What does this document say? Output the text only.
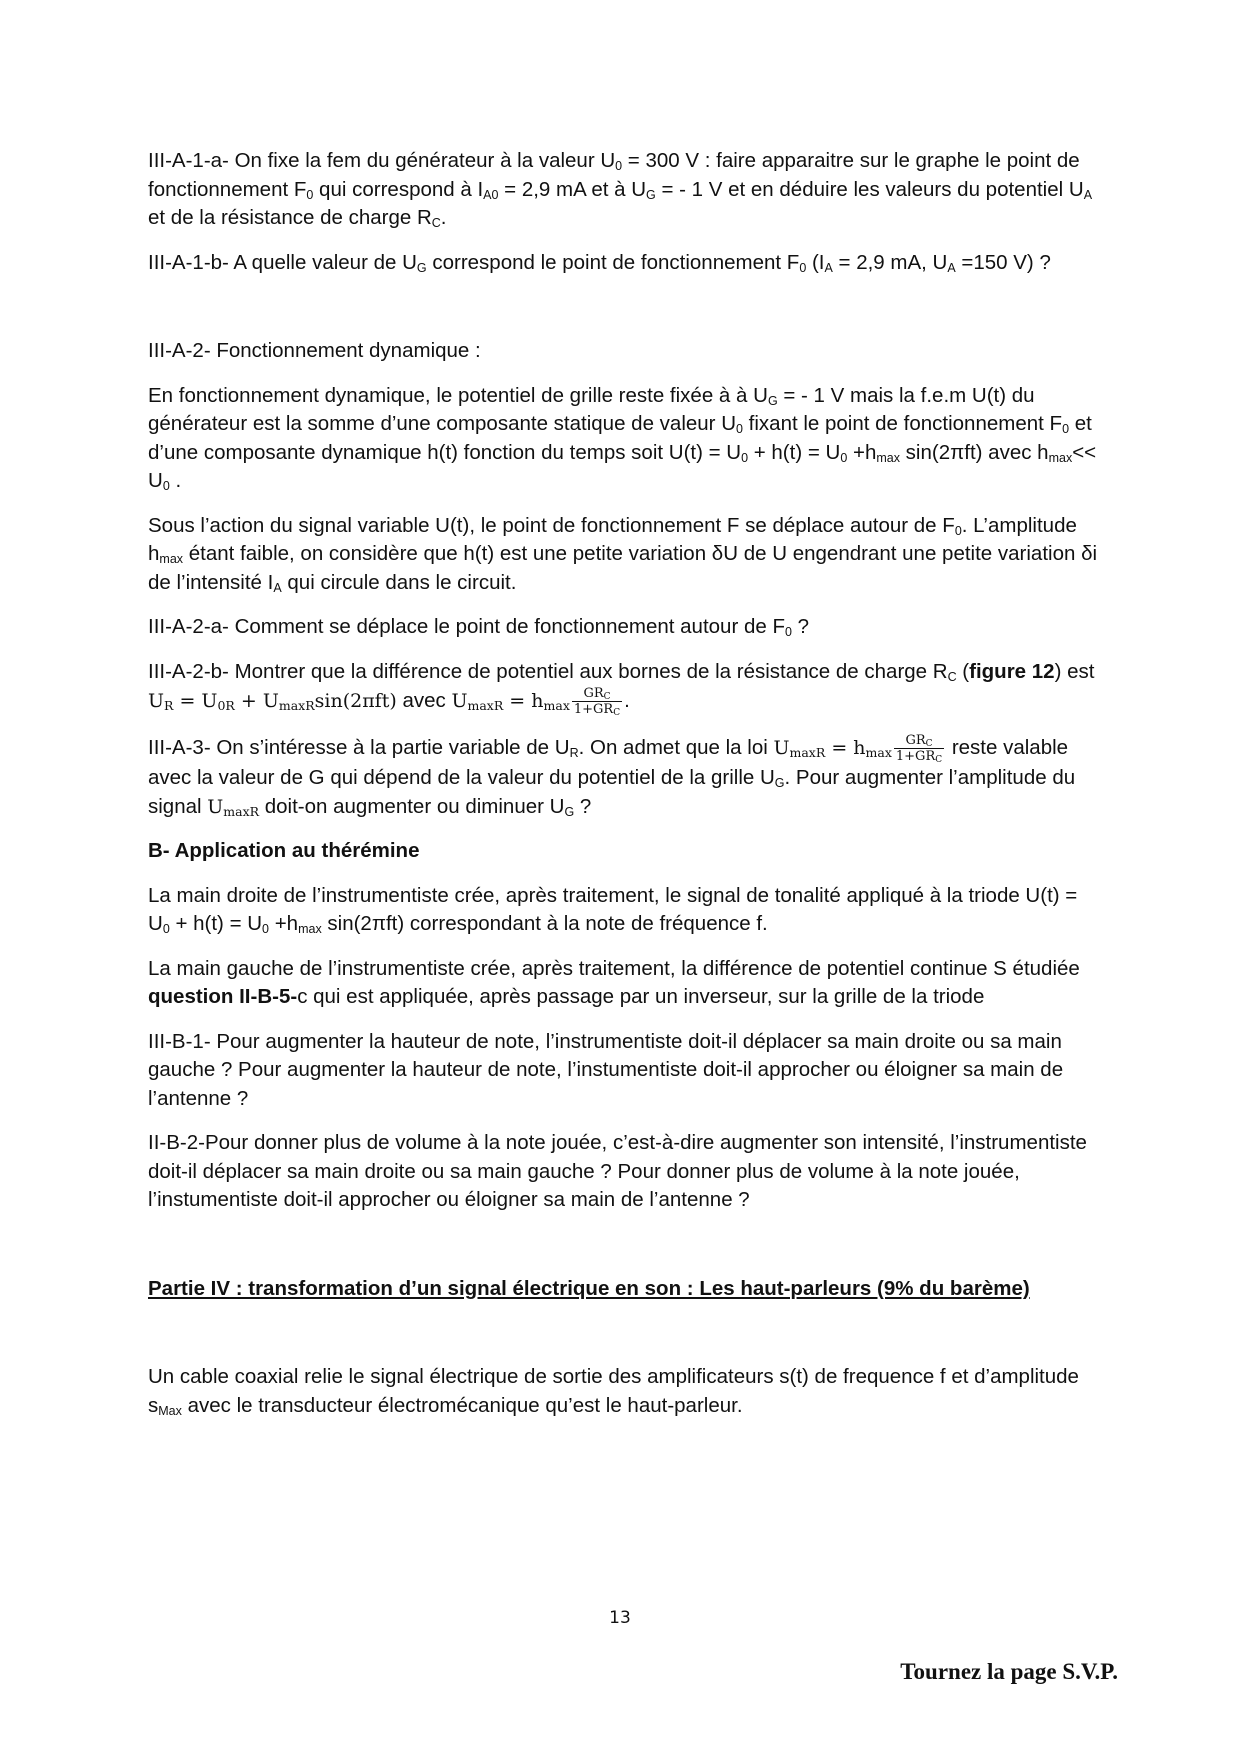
III-A-1-a- On fixe la fem du générateur à la valeur $U_0 = 300$ V : faire apparaitre sur le graphe le point de fonctionnement $F_0$ qui correspond à $I_{A0} = 2,9$ mA et à $U_G$ = - 1 V et en déduire les valeurs du potentiel $U_A$ et de la résistance de charge $R_C$.

III-A-1-b- A quelle valeur de $U_G$ correspond le point de fonctionnement $F_0$ ($I_A = 2,9$ mA, $U_A =150$ V) ?

III-A-2- Fonctionnement dynamique :

En fonctionnement dynamique, le potentiel de grille reste fixée à à $U_G$ = - 1 V mais la f.e.m U(t) du générateur est la somme d’une composante statique de valeur $U_0$ fixant le point de fonctionnement $F_0$ et d’une composante dynamique h(t) fonction du temps soit $U(t) = U_0 + h(t) = U_0 +h_{max}$ sin(2πft) avec $h_{max}<< U_0$ .

Sous l’action du signal variable U(t), le point de fonctionnement F se déplace autour de $F_0$. L’amplitude $h_{max}$ étant faible, on considère que h(t) est une petite variation δU de U engendrant une petite variation δi de l’intensité $I_A$ qui circule dans le circuit.

III-A-2-a- Comment se déplace le point de fonctionnement autour de $F_0$ ?

III-A-2-b- Montrer que la différence de potentiel aux bornes de la résistance de charge $R_C$ (figure 12) est $U_R = U_{0R} + U_{maxR}\sin(2\pi ft)$ avec $U_{maxR} = h_{max} \frac{GR_C}{1+GR_C}$ .

III-A-3- On s’intéresse à la partie variable de $U_R$. On admet que la loi $U_{maxR} = h_{max} \frac{GR_C}{1+GR_C}$ reste valable avec la valeur de G qui dépend de la valeur du potentiel de la grille $U_G$. Pour augmenter l’amplitude du signal $U_{maxR}$ doit-on augmenter ou diminuer $U_G$ ?

B- Application au thérémine

La main droite de l’instrumentiste crée, après traitement, le signal de tonalité appliqué à la triode $U(t) = U_0 + h(t) = U_0 +h_{max}$ sin(2πft) correspondant à la note de fréquence f.

La main gauche de l’instrumentiste crée, après traitement, la différence de potentiel continue S étudiée question II-B-5-c qui est appliquée, après passage par un inverseur, sur la grille de la triode

III-B-1- Pour augmenter la hauteur de note, l’instrumentiste doit-il déplacer sa main droite ou sa main gauche ? Pour augmenter la hauteur de note, l’instumentiste doit-il approcher ou éloigner sa main de l’antenne ?

II-B-2-Pour donner plus de volume à la note jouée, c’est-à-dire augmenter son intensité, l’instrumentiste doit-il déplacer sa main droite ou sa main gauche ? Pour donner plus de volume à la note jouée, l’instumentiste doit-il approcher ou éloigner sa main de l’antenne ?

Partie IV : transformation d’un signal électrique en son : Les haut-parleurs (9% du barème)

Un cable coaxial relie le signal électrique de sortie des amplificateurs s(t) de frequence f et d’amplitude $s_{Max}$ avec le transducteur électromécanique qu’est le haut-parleur.

13
Tournez la page S.V.P.
